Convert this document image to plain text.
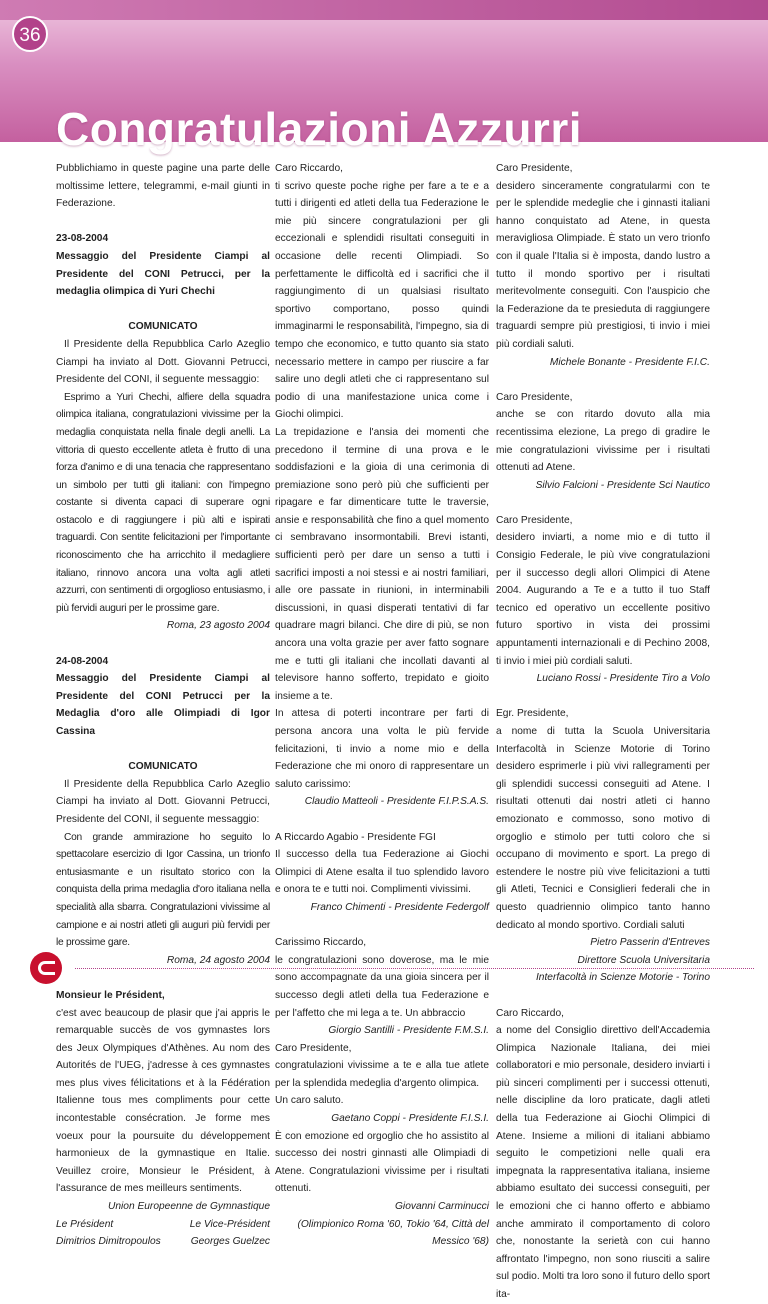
36
Congratulazioni Azzurri

Pubblichiamo in queste pagine una parte delle moltissime lettere, telegrammi, e-mail giunti in Federazione.

23-08-2004

Messaggio del Presidente Ciampi al Presidente del CONI Petrucci, per la medaglia olimpica di Yuri Chechi

COMUNICATO

Il Presidente della Repubblica Carlo Azeglio Ciampi ha inviato al Dott. Giovanni Petrucci, Presidente del CONI, il seguente messaggio:

Esprimo a Yuri Chechi, alfiere della squadra olimpica italiana, congratulazioni vivissime per la medaglia conquistata nella finale degli anelli. La vittoria di questo eccellente atleta è frutto di una forza d'animo e di una tenacia che rappresentano un simbolo per tutti gli italiani: con l'impegno costante si diventa capaci di superare ogni ostacolo e di raggiungere i più alti e ispirati traguardi. Con sentite felicitazioni per l'importante riconoscimento che ha arricchito il medagliere italiano, rinnovo ancora una volta agli atleti azzurri, con sentimenti di orgoglioso entusiasmo, i più fervidi auguri per le prossime gare.

Roma, 23 agosto 2004

24-08-2004

Messaggio del Presidente Ciampi al Presidente del CONI Petrucci per la Medaglia d'oro alle Olimpiadi di Igor Cassina

COMUNICATO

Il Presidente della Repubblica Carlo Azeglio Ciampi ha inviato al Dott. Giovanni Petrucci, Presidente del CONI, il seguente messaggio:

Con grande ammirazione ho seguito lo spettacolare esercizio di Igor Cassina, un trionfo entusiasmante e un risultato storico con la conquista della prima medaglia d'oro italiana nella specialità alla sbarra. Congratulazioni vivissime al campione e ai nostri atleti gli auguri più fervidi per le prossime gare.

Roma, 24 agosto 2004

Monsieur le Président,

c'est avec beaucoup de plasir que j'ai appris le remarquable succès de vos gymnastes lors des Jeux Olympiques d'Athènes. Au nom des Autorités de l'UEG, j'adresse à ces gymnastes mes plus vives félicitations et à la Fédération Italienne tous mes compliments pour cette incontestable consécration. Je forme mes voeux pour la poursuite du développement harmonieux de la gymnastique en Italie. Veuillez croire, Monsieur le Président, à l'assurance de mes meilleurs sentiments.

Union Europeenne de Gymnastique

Le Président	Le Vice-Président
Dimitrios Dimitropoulos	Georges Guelzec

Caro Riccardo,

ti scrivo queste poche righe per fare a te e a tutti i dirigenti ed atleti della tua Federazione le mie più sincere congratulazioni per gli eccezionali e splendidi risultati conseguiti in occasione delle recenti Olimpiadi. So perfettamente le difficoltà ed i sacrifici che il raggiungimento di un qualsiasi risultato sportivo comportano, posso quindi immaginarmi le responsabilità, l'impegno, sia di tempo che economico, e tutto quanto sia stato necessario mettere in campo per riuscire a far salire uno degli atleti che ci rappresentano sul podio di una manifestazione unica come i Giochi olimpici.

La trepidazione e l'ansia dei momenti che precedono il termine di una prova e le soddisfazioni e la gioia di una cerimonia di premiazione sono però più che sufficienti per ripagare e far dimenticare tutte le traversie, ansie e responsabilità che fino a quel momento ci sembravano insormontabili. Brevi istanti, sufficienti però per dare un senso a tutti i sacrifici imposti a noi stessi e ai nostri familiari, alle ore passate in riunioni, in interminabili discussioni, in quasi disperati tentativi di far quadrare magri bilanci. Che dire di più, se non ancora una volta grazie per aver fatto sognare me e tutti gli italiani che incollati davanti al televisore hanno sofferto, trepidato e gioito insieme a te.

In attesa di poterti incontrare per farti di persona ancora una volta le più fervide felicitazioni, ti invio a nome mio e della Federazione che mi onoro di rappresentare un saluto carissimo:

Claudio Matteoli - Presidente F.I.P.S.A.S.

A Riccardo Agabio - Presidente FGI

Il successo della tua Federazione ai Giochi Olimpici di Atene esalta il tuo splendido lavoro e onora te e tutti noi. Complimenti vivissimi.

Franco Chimenti - Presidente Federgolf

Carissimo Riccardo,

le congratulazioni sono doverose, ma le mie sono accompagnate da una gioia sincera per il successo degli atleti della tua Federazione e per l'affetto che mi lega a te. Un abbraccio

Giorgio Santilli - Presidente F.M.S.I.

Caro Presidente,

congratulazioni vivissime a te e alla tue atlete per la splendida medeglia d'argento olimpica.

Un caro saluto.

Gaetano Coppi - Presidente F.I.S.I.

È con emozione ed orgoglio che ho assistito al successo dei nostri ginnasti alle Olimpiadi di Atene. Congratulazioni vivissime per i risultati ottenuti.

Giovanni Carminucci

(Olimpionico Roma '60, Tokio '64, Città del Messico '68)

Caro Presidente,

desidero sinceramente congratularmi con te per le splendide medeglie che i ginnasti italiani hanno conquistato ad Atene, in questa meravigliosa Olimpiade. È stato un vero trionfo con il quale l'Italia si è imposta, dando lustro a tutto il mondo sportivo per i risultati meritevolmente conseguiti. Con l'auspicio che la Federazione da te presieduta di raggiungere traguardi sempre più prestigiosi, ti invio i miei più cordiali saluti.

Michele Bonante - Presidente F.I.C.

Caro Presidente,

anche se con ritardo dovuto alla mia recentissima elezione, La prego di gradire le mie congratulazioni vivissime per i risultati ottenuti ad Atene.

Silvio Falcioni - Presidente Sci Nautico

Caro Presidente,

desidero inviarti, a nome mio e di tutto il Consigio Federale, le più vive congratulazioni per il successo degli allori Olimpici di Atene 2004. Augurando a Te e a tutto il tuo Staff tecnico ed operativo un eccellente positivo futuro sportivo in vista dei prossimi appuntamenti internazionali e di Pechino 2008, ti invio i miei più cordiali saluti.

Luciano Rossi - Presidente Tiro a Volo

Egr. Presidente,

a nome di tutta la Scuola Universitaria Interfacoltà in Scienze Motorie di Torino desidero esprimerle i più vivi rallegramenti per gli splendidi successi conseguiti ad Atene. I risultati ottenuti dai nostri atleti ci hanno emozionato e commosso, sono motivo di orgoglio e stimolo per tutti coloro che si occupano di movimento e sport. La prego di estendere le nostre più vive felicitazioni a tutti gli Atleti, Tecnici e Consiglieri federali che in questo quadriennio olimpico tanto hanno dedicato al mondo sportivo. Cordiali saluti

Pietro Passerin d'Entreves

Direttore Scuola Universitaria

Interfacoltà in Scienze Motorie - Torino

Caro Riccardo,

a nome del Consiglio direttivo dell'Accademia Olimpica Nazionale Italiana, dei miei collaboratori e mio personale, desidero inviarti i più sinceri complimenti per i successi ottenuti, nelle discipline da loro praticate, dagli atleti della tua Federazione ai Giochi Olimpici di Atene. Insieme a milioni di italiani abbiamo seguito le competizioni nelle quali era impegnata la rappresentativa italiana, insieme abbiamo esultato dei successi conseguiti, per le emozioni che ci hanno offerto e abbiamo anche ammirato il comportamento di coloro che, nonostante la serietà con cui hanno affrontato l'impegno, non sono riusciti a salire sul podio. Molti tra loro sono il futuro dello sport ita-
